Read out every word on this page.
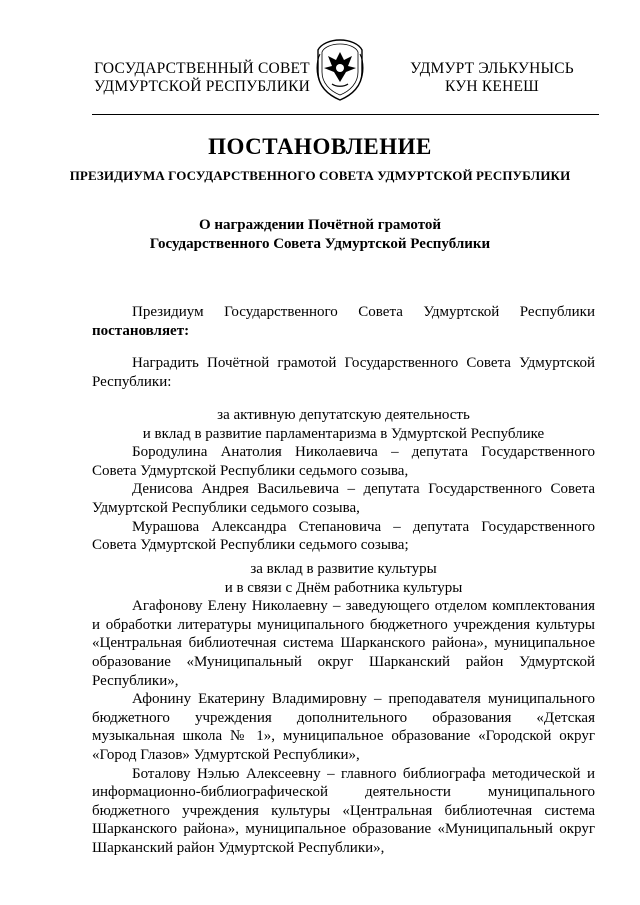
ГОСУДАРСТВЕННЫЙ СОВЕТ
УДМУРТСКОЙ РЕСПУБЛИКИ
УДМУРТ ЭЛЬКУНЫСЬ
КУН КЕНЕШ
ПОСТАНОВЛЕНИЕ
ПРЕЗИДИУМА ГОСУДАРСТВЕННОГО СОВЕТА УДМУРТСКОЙ РЕСПУБЛИКИ
О награждении Почётной грамотой
Государственного Совета Удмуртской Республики

Президиум Государственного Совета Удмуртской Республики

постановляет:

Наградить Почётной грамотой Государственного Совета Удмуртской Республики:

за активную депутатскую деятельность

и вклад в развитие парламентаризма в Удмуртской Республике

Бородулина Анатолия Николаевича – депутата Государственного Совета Удмуртской Республики седьмого созыва,

Денисова Андрея Васильевича – депутата Государственного Совета Удмуртской Республики седьмого созыва,

Мурашова Александра Степановича – депутата Государственного Совета Удмуртской Республики седьмого созыва;

за вклад в развитие культуры

и в связи с Днём работника культуры

Агафонову Елену Николаевну – заведующего отделом комплектования и обработки литературы муниципального бюджетного учреждения культуры «Центральная библиотечная система Шарканского района», муниципальное образование «Муниципальный округ Шарканский район Удмуртской Республики»,

Афонину Екатерину Владимировну – преподавателя муниципального бюджетного учреждения дополнительного образования «Детская музыкальная школа № 1», муниципальное образование «Городской округ «Город Глазов» Удмуртской Республики»,

Боталову Нэлью Алексеевну – главного библиографа методической и информационно-библиографической деятельности муниципального бюджетного учреждения культуры «Центральная библиотечная система Шарканского района», муниципальное образование «Муниципальный округ Шарканский район Удмуртской Республики»,
